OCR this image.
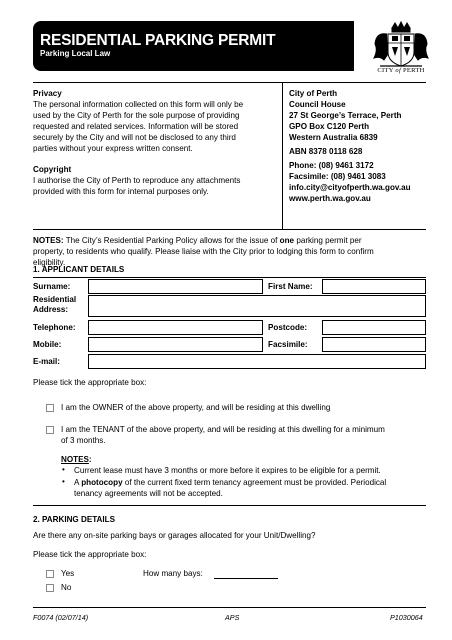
RESIDENTIAL PARKING PERMIT
Parking Local Law
CITY of PERTH
Privacy
The personal information collected on this form will only be
used by the City of Perth for the sole purpose of providing
requested and related services. Information will be stored
securely by the City and will not be disclosed to any third
parties without your express written consent.
Copyright
I authorise the City of Perth to reproduce any attachments
provided with this form for internal purposes only.
City of Perth
Council House
27 St George’s Terrace, Perth
GPO Box C120 Perth
Western Australia 6839
ABN 8378 0118 628
Phone: (08) 9461 3172
Facsimile: (08) 9461 3083
info.city@cityofperth.wa.gov.au
www.perth.wa.gov.au
NOTES: The City’s Residential Parking Policy allows for the issue of one parking permit per
property, to residents who qualify. Please liaise with the City prior to lodging this form to confirm
eligibility.
1. APPLICANT DETAILS
Surname:	First Name:
Residential
Address:
Telephone:	Postcode:
Mobile:	Facsimile:
E-mail:
Please tick the appropriate box:
I am the OWNER of the above property, and will be residing at this dwelling
I am the TENANT of the above property, and will be residing at this dwelling for a minimum
of 3 months.
NOTES:
• Current lease must have 3 months or more before it expires to be eligible for a permit.
• A photocopy of the current fixed term tenancy agreement must be provided. Periodical
tenancy agreements will not be accepted.
2. PARKING DETAILS
Are there any on-site parking bays or garages allocated for your Unit/Dwelling?
Please tick the appropriate box:
Yes	How many bays:
No
F0074 (02/07/14)	APS	P1030064
